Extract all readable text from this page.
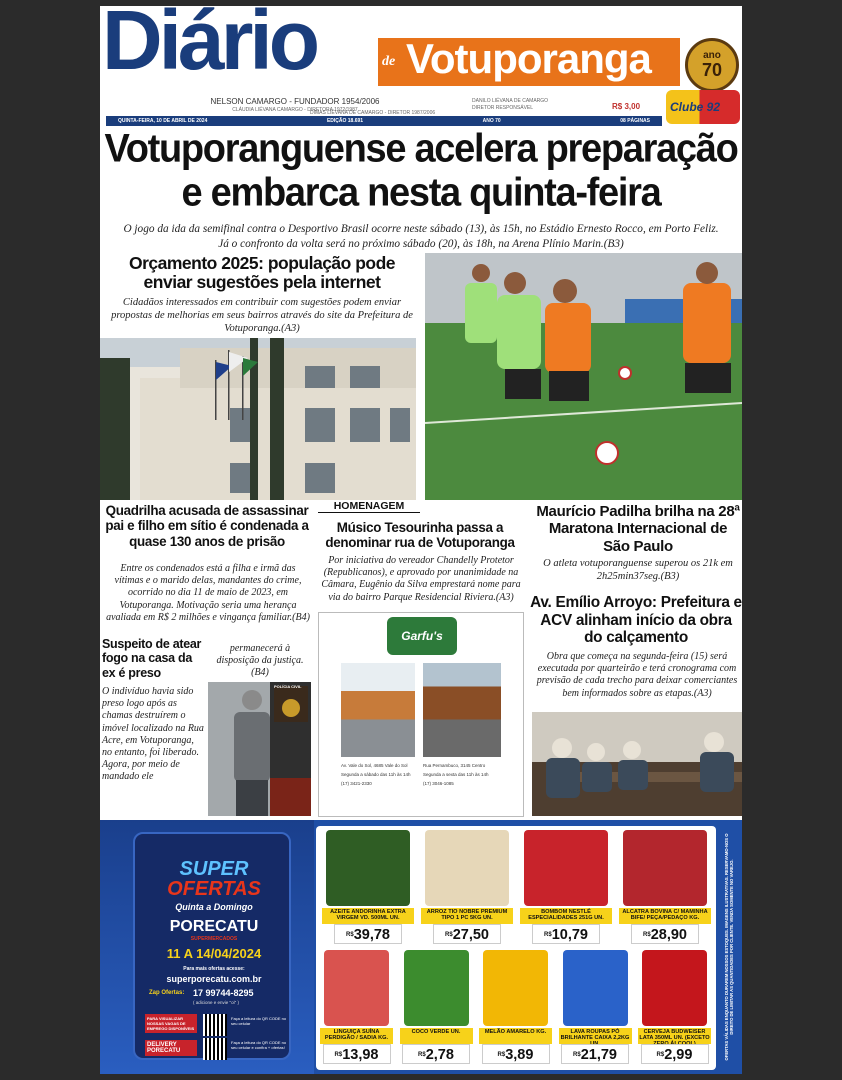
Diário	de Votuporanga	ano
70
NELSON CAMARGO - FUNDADOR 1954/2006
CLÁUDIA LIÉVANA CAMARGO - DIRETORA 1972/1987
DIMAS LIÉVANA DE CAMARGO - DIRETOR 1987/2006
DANILO LIÉVANA DE CAMARGO
DIRETOR RESPONSÁVEL	R$ 3,00 Clube 92
QUINTA-FEIRA, 10 DE ABRIL DE 2024	EDIÇÃO 18.691	ANO 70	08 PÁGINAS
Votuporanguense acelera preparação
e embarca nesta quinta-feira
O jogo da ida da semifinal contra o Desportivo Brasil ocorre neste sábado (13), às 15h, no Estádio Ernesto Rocco, em Porto Feliz.
Já o confronto da volta será no próximo sábado (20), às 18h, na Arena Plínio Marin.(B3)
Orçamento 2025: população pode enviar sugestões pela internet
Cidadãos interessados em contribuir com sugestões podem enviar propostas de melhorias em seus bairros através do site da Prefeitura de Votuporanga.(A3)
Quadrilha acusada de assassinar pai e filho em sítio é condenada a quase 130 anos de prisão
Entre os condenados está a filha e irmã das vítimas e o marido delas, mandantes do crime, ocorrido no dia 11 de maio de 2023, em Votuporanga. Motivação seria uma herança avaliada em R$ 2 milhões e vingança familiar.(B4)
Suspeito de atear fogo na casa da ex é preso
O indivíduo havia sido preso logo após as chamas destruírem o imóvel localizado na Rua Acre, em Votuporanga, no entanto, foi liberado. Agora, por meio de mandado ele
permanecerá à disposição da justiça.(B4)
POLÍCIA CIVIL
HOMENAGEM
Músico Tesourinha passa a denominar rua de Votuporanga
Por iniciativa do vereador Chandelly Protetor (Republicanos), e aprovado por unanimidade na Câmara, Eugênio da Silva emprestará nome para via do bairro Parque Residencial Riviera.(A3)
Garfu's
Av. Vale do Sol, 4685 Vale do Sol
Segunda a sábado das 11h às 14h
(17) 3421-2330
Rua Pernambuco, 3145 Centro
Segunda a sexta das 11h às 14h
(17) 3046-1085
Maurício Padilha brilha na 28ª Maratona Internacional de São Paulo
O atleta votuporanguense superou os 21k em 2h25min37seg.(B3)
Av. Emílio Arroyo: Prefeitura e ACV alinham início da obra do calçamento
Obra que começa na segunda-feira (15) será executada por quarteirão e terá cronograma com previsão de cada trecho para deixar comerciantes bem informados sobre as etapas.(A3)
SUPER
OFERTAS
Quinta a Domingo
PORECATU
SUPERMERCADOS
11 A 14/04/2024
Para mais ofertas acesse:
superporecatu.com.br
Zap Ofertas: 17 99744-8295
( adicione e envie "oi" )
PARA VISUALIZAR NOSSAS VAGAS DE EMPREGO DISPONÍVEIS
DELIVERY PORECATU
Faça a leitura do QR CODE no seu celular
Faça a leitura do QR CODE no seu celular e confira + ofertas!
AZEITE ANDORINHA EXTRA VIRGEM VD. 500ML UN.
$^{R\$}$39,78
ARROZ TIO NOBRE PREMIUM TIPO 1 PC 5KG UN.
$^{R\$}$27,50
BOMBOM NESTLÉ ESPECIALIDADES 251G UN.
$^{R\$}$10,79
ALCATRA BOVINA C/ MAMINHA BIFE/ PEÇA/PEDAÇO KG.
$^{R\$}$28,90
LINGUIÇA SUÍNA PERDIGÃO / SADIA KG.
$^{R\$}$13,98
COCO VERDE UN.
$^{R\$}$2,78
MELÃO AMARELO KG.
$^{R\$}$3,89
LAVA ROUPAS PÓ BRILHANTE CAIXA 2,2KG
$^{R\$}$21,79
CERVEJA BUDWEISER LATA 350ML UN. (EXCETO
$^{R\$}$2,99	OFERTAS VÁLIDAS ENQUANTO DURAREM NOSSOS ESTOQUES. IMAGENS ILUSTRATIVAS. RESERVAMO-NOS O DIREITO DE LIMITAR AS QUANTIDADES POR CLIENTE. VENDA SOMENTE NO VAREJO.
